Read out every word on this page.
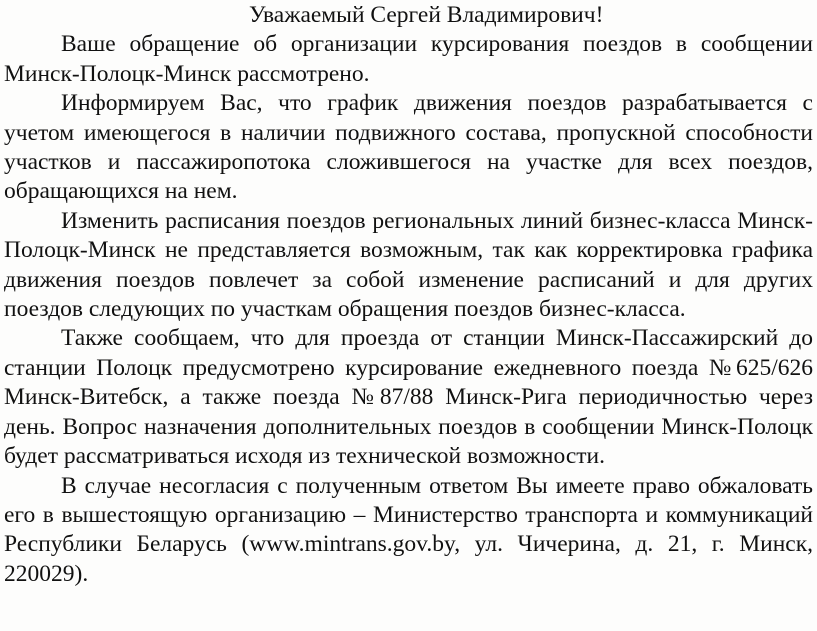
Уважаемый Сергей Владимирович!

Ваше обращение об организации курсирования поездов в сообщении Минск-Полоцк-Минск рассмотрено.

Информируем Вас, что график движения поездов разрабатывается с учетом имеющегося в наличии подвижного состава, пропускной способности участков и пассажиропотока сложившегося на участке для всех поездов, обращающихся на нем.

Изменить расписания поездов региональных линий бизнес-класса Минск-Полоцк-Минск не представляется возможным, так как корректировка графика движения поездов повлечет за собой изменение расписаний и для других поездов следующих по участкам обращения поездов бизнес-класса.

Также сообщаем, что для проезда от станции Минск-Пассажирский до станции Полоцк предусмотрено курсирование ежедневного поезда №625/626 Минск-Витебск, а также поезда №87/88 Минск-Рига периодичностью через день. Вопрос назначения дополнительных поездов в сообщении Минск-Полоцк будет рассматриваться исходя из технической возможности.

В случае несогласия с полученным ответом Вы имеете право обжаловать его в вышестоящую организацию – Министерство транспорта и коммуникаций Республики Беларусь (www.mintrans.gov.by, ул. Чичерина, д. 21, г. Минск, 220029).
